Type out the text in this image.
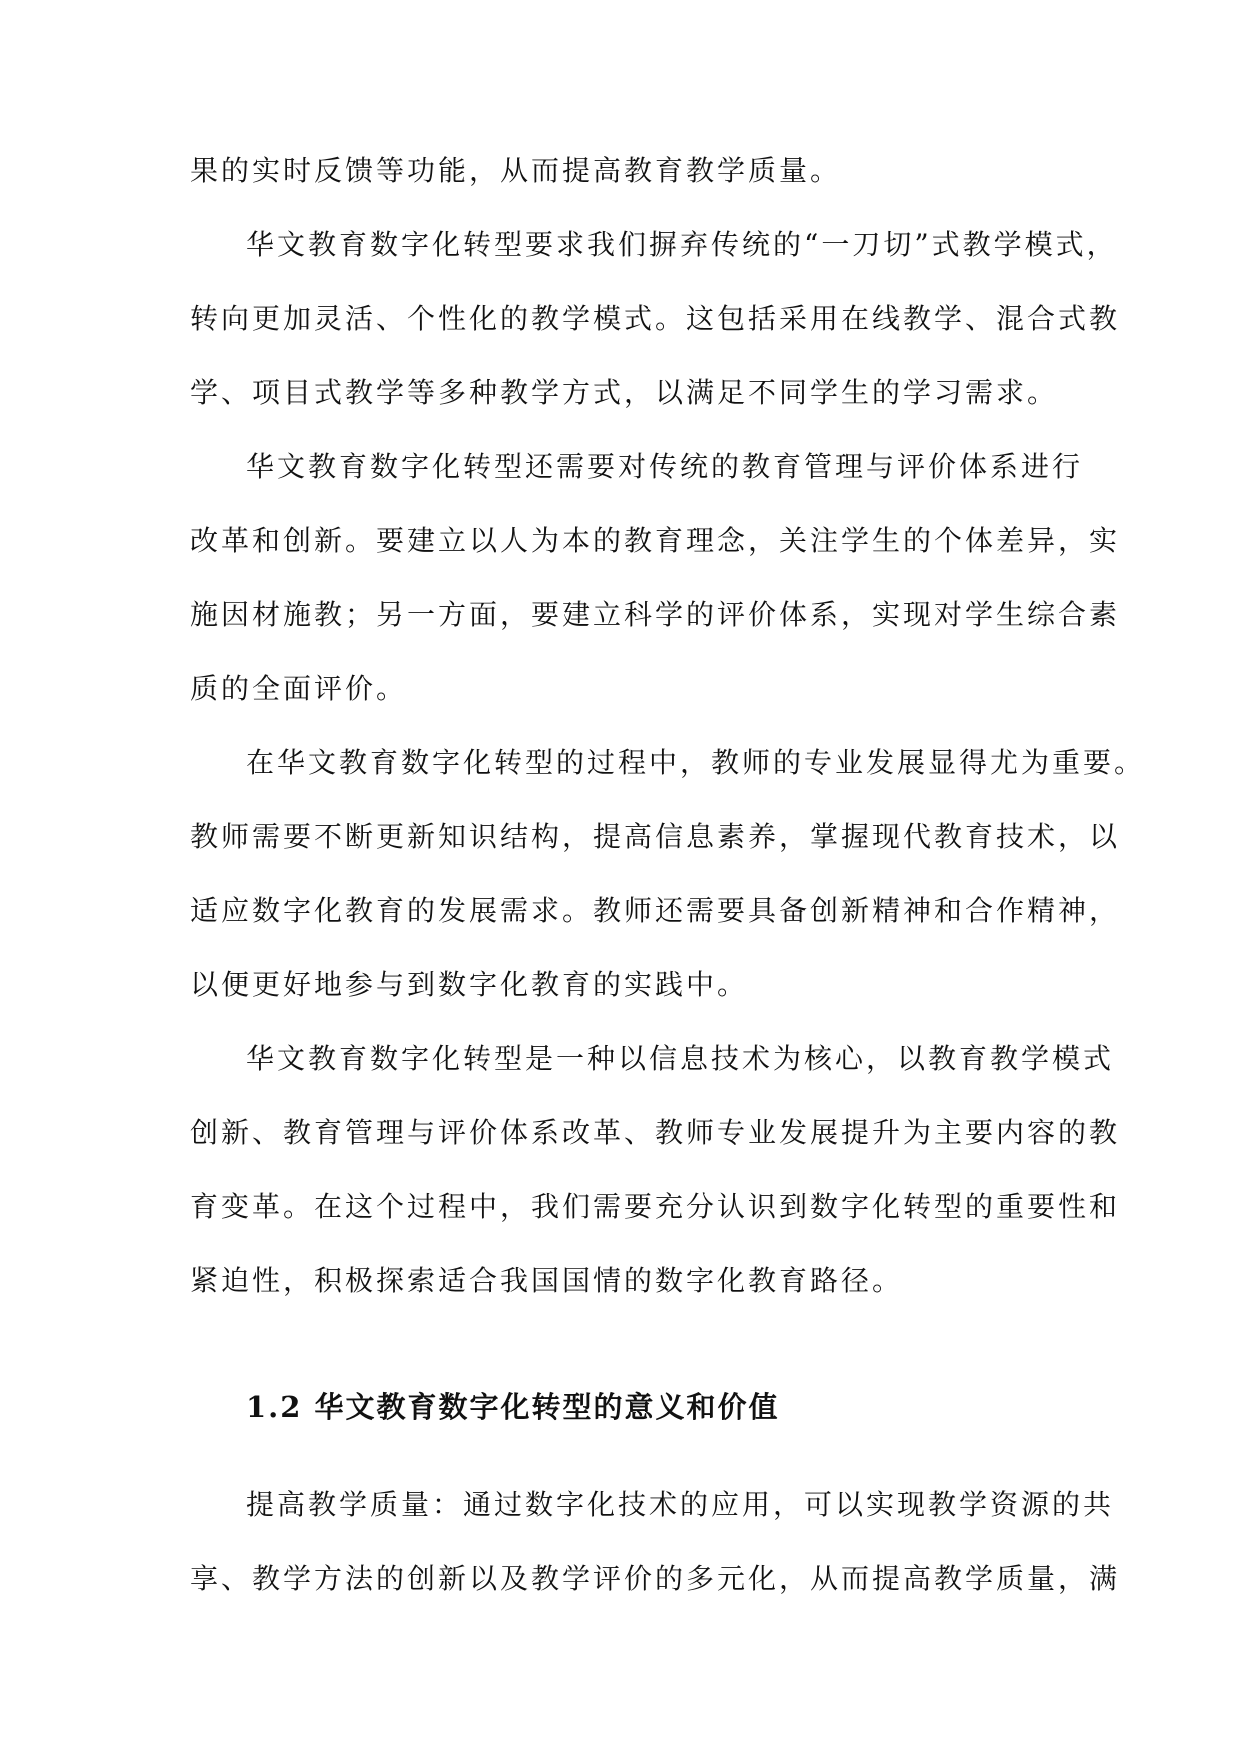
果的实时反馈等功能，从而提高教育教学质量。
华文教育数字化转型要求我们摒弃传统的“一刀切”式教学模式，
转向更加灵活、个性化的教学模式。这包括采用在线教学、混合式教
学、项目式教学等多种教学方式，以满足不同学生的学习需求。
华文教育数字化转型还需要对传统的教育管理与评价体系进行
改革和创新。要建立以人为本的教育理念，关注学生的个体差异，实
施因材施教；另一方面，要建立科学的评价体系，实现对学生综合素
质的全面评价。
在华文教育数字化转型的过程中，教师的专业发展显得尤为重要。
教师需要不断更新知识结构，提高信息素养，掌握现代教育技术，以
适应数字化教育的发展需求。教师还需要具备创新精神和合作精神，
以便更好地参与到数字化教育的实践中。
华文教育数字化转型是一种以信息技术为核心，以教育教学模式
创新、教育管理与评价体系改革、教师专业发展提升为主要内容的教
育变革。在这个过程中，我们需要充分认识到数字化转型的重要性和
紧迫性，积极探索适合我国国情的数字化教育路径。
1.2 华文教育数字化转型的意义和价值
提高教学质量：通过数字化技术的应用，可以实现教学资源的共
享、教学方法的创新以及教学评价的多元化，从而提高教学质量，满
